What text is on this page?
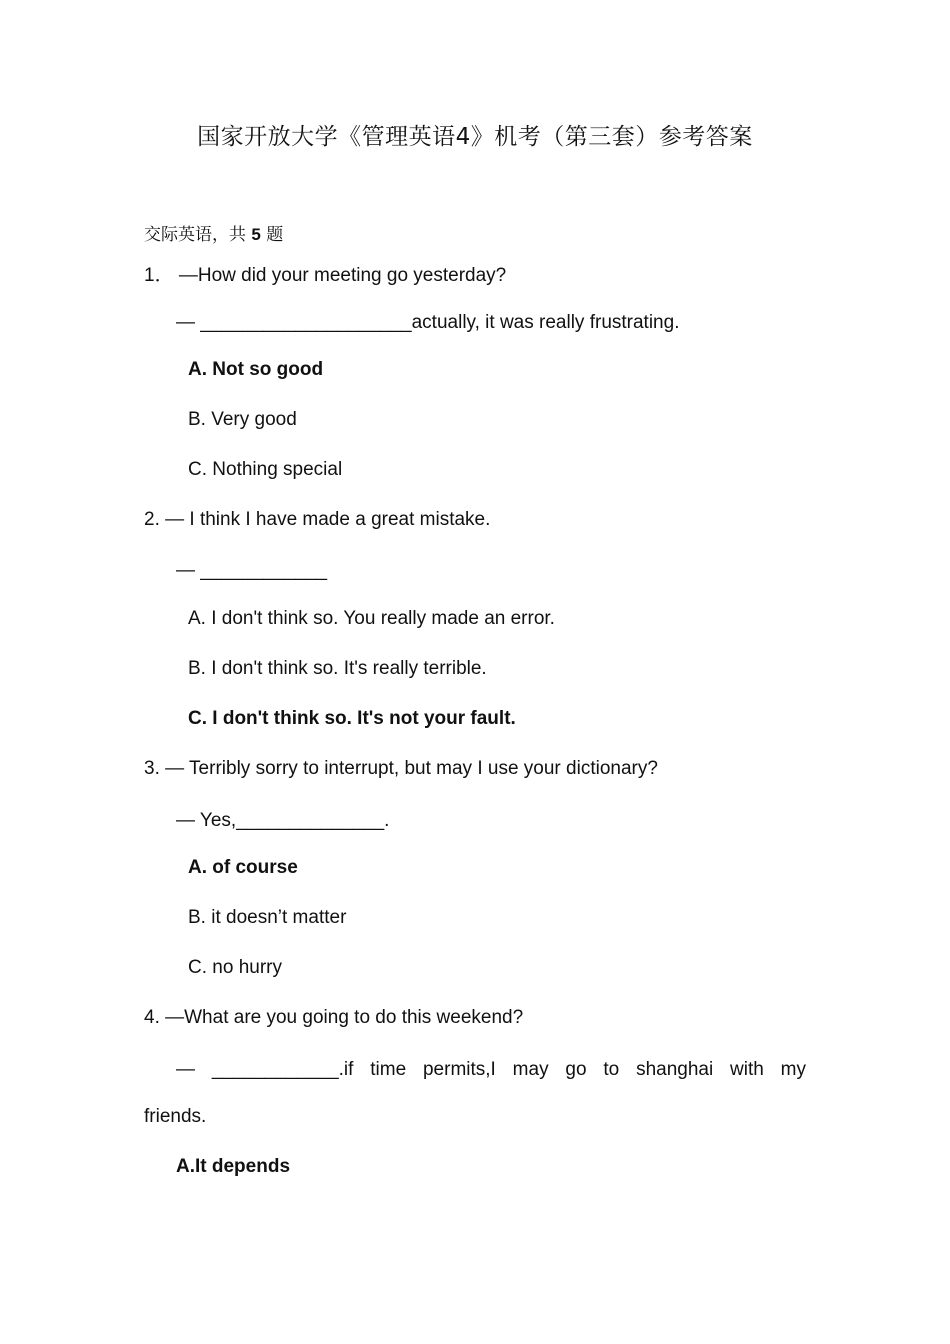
国家开放大学《管理英语4》机考（第三套）参考答案
交际英语，共 5 题
1． —How did your meeting go yesterday?
— ____________________actually, it was really frustrating.
A. Not so good
B. Very good
C. Nothing special
2. — I think I have made a great mistake.
— ____________
A. I don't think so. You really made an error.
B. I don't think so. It's really terrible.
C. I don't think so. It's not your fault.
3. — Terribly sorry to interrupt, but may I use your dictionary?
— Yes,______________.
A. of course
B. it doesn’t matter
C. no hurry
4. —What are you going to do this weekend?
— ____________.if time permits,I may go to shanghai with my
friends.
A.It depends
